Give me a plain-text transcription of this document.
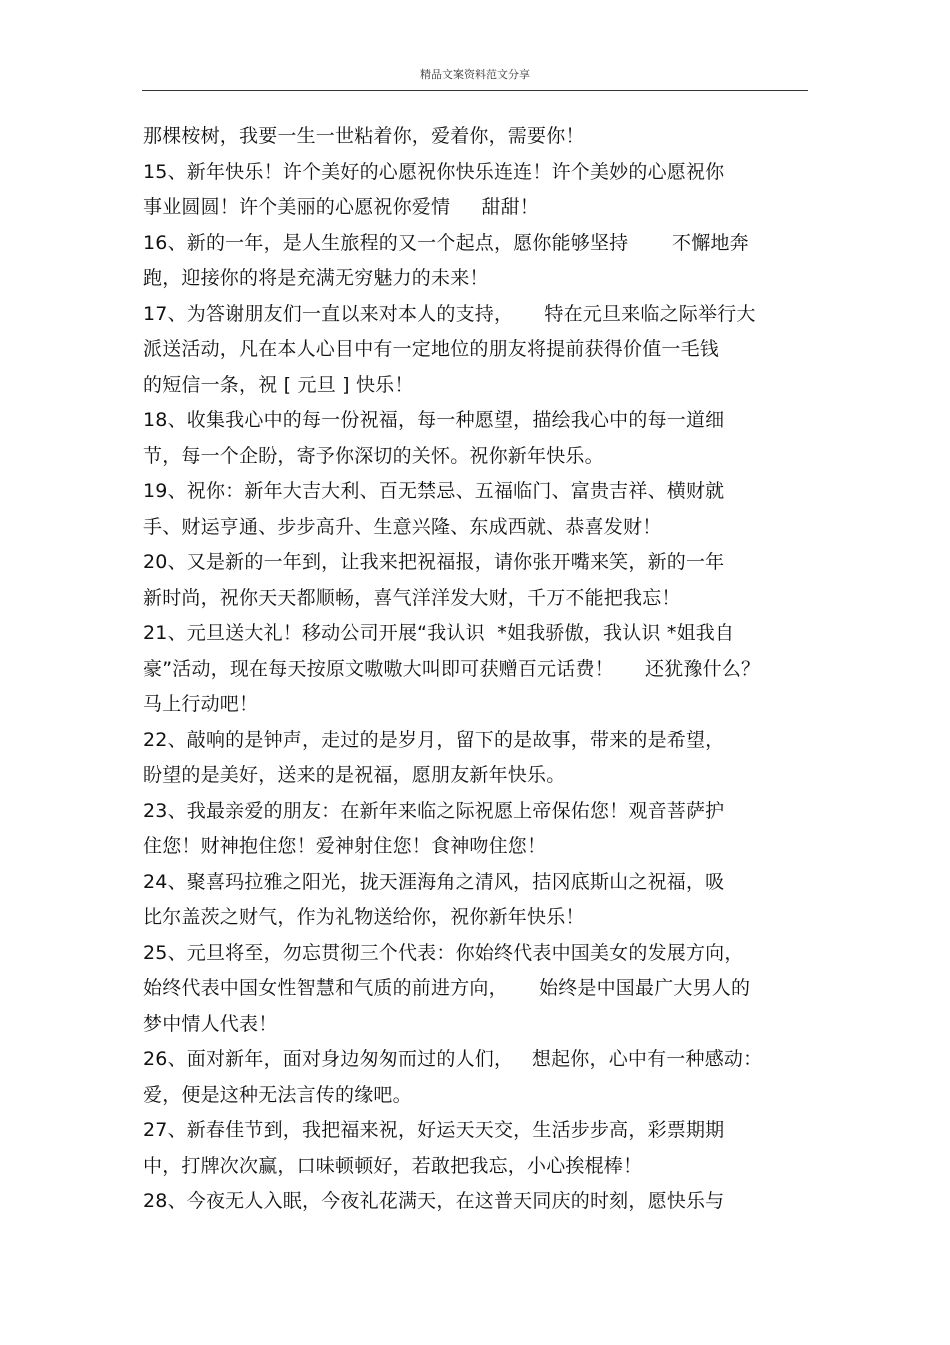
精品文案资料范文分享
那棵桉树，我要一生一世粘着你，爱着你，需要你！
15、新年快乐！许个美好的心愿祝你快乐连连！许个美妙的心愿祝你
事业圆圆！许个美丽的心愿祝你爱情     甜甜！
16、新的一年，是人生旅程的又一个起点，愿你能够坚持       不懈地奔
跑，迎接你的将是充满无穷魅力的未来！
17、为答谢朋友们一直以来对本人的支持，     特在元旦来临之际举行大
派送活动，凡在本人心目中有一定地位的朋友将提前获得价值一毛钱
的短信一条，祝 [ 元旦 ] 快乐！
18、收集我心中的每一份祝福，每一种愿望，描绘我心中的每一道细
节，每一个企盼，寄予你深切的关怀。祝你新年快乐。
19、祝你：新年大吉大利、百无禁忌、五福临门、富贵吉祥、横财就
手、财运亨通、步步高升、生意兴隆、东成西就、恭喜发财！
20、又是新的一年到，让我来把祝福报，请你张开嘴来笑，新的一年
新时尚，祝你天天都顺畅，喜气洋洋发大财，千万不能把我忘！
21、元旦送大礼！移动公司开展“我认识  *姐我骄傲，我认识 *姐我自
豪”活动，现在每天按原文嗷嗷大叫即可获赠百元话费！     还犹豫什么？
马上行动吧！
22、敲响的是钟声，走过的是岁月，留下的是故事，带来的是希望，
盼望的是美好，送来的是祝福，愿朋友新年快乐。
23、我最亲爱的朋友：在新年来临之际祝愿上帝保佑您！观音菩萨护
住您！财神抱住您！爱神射住您！食神吻住您！
24、聚喜玛拉雅之阳光，拢天涯海角之清风，拮冈底斯山之祝福，吸
比尔盖茨之财气，作为礼物送给你，祝你新年快乐！
25、元旦将至，勿忘贯彻三个代表：你始终代表中国美女的发展方向，
始终代表中国女性智慧和气质的前进方向，     始终是中国最广大男人的
梦中情人代表！
26、面对新年，面对身边匆匆而过的人们，   想起你，心中有一种感动：
爱，便是这种无法言传的缘吧。
27、新春佳节到，我把福来祝，好运天天交，生活步步高，彩票期期
中，打牌次次赢，口味顿顿好，若敢把我忘，小心挨棍棒！
28、今夜无人入眠，今夜礼花满天，在这普天同庆的时刻，愿快乐与
